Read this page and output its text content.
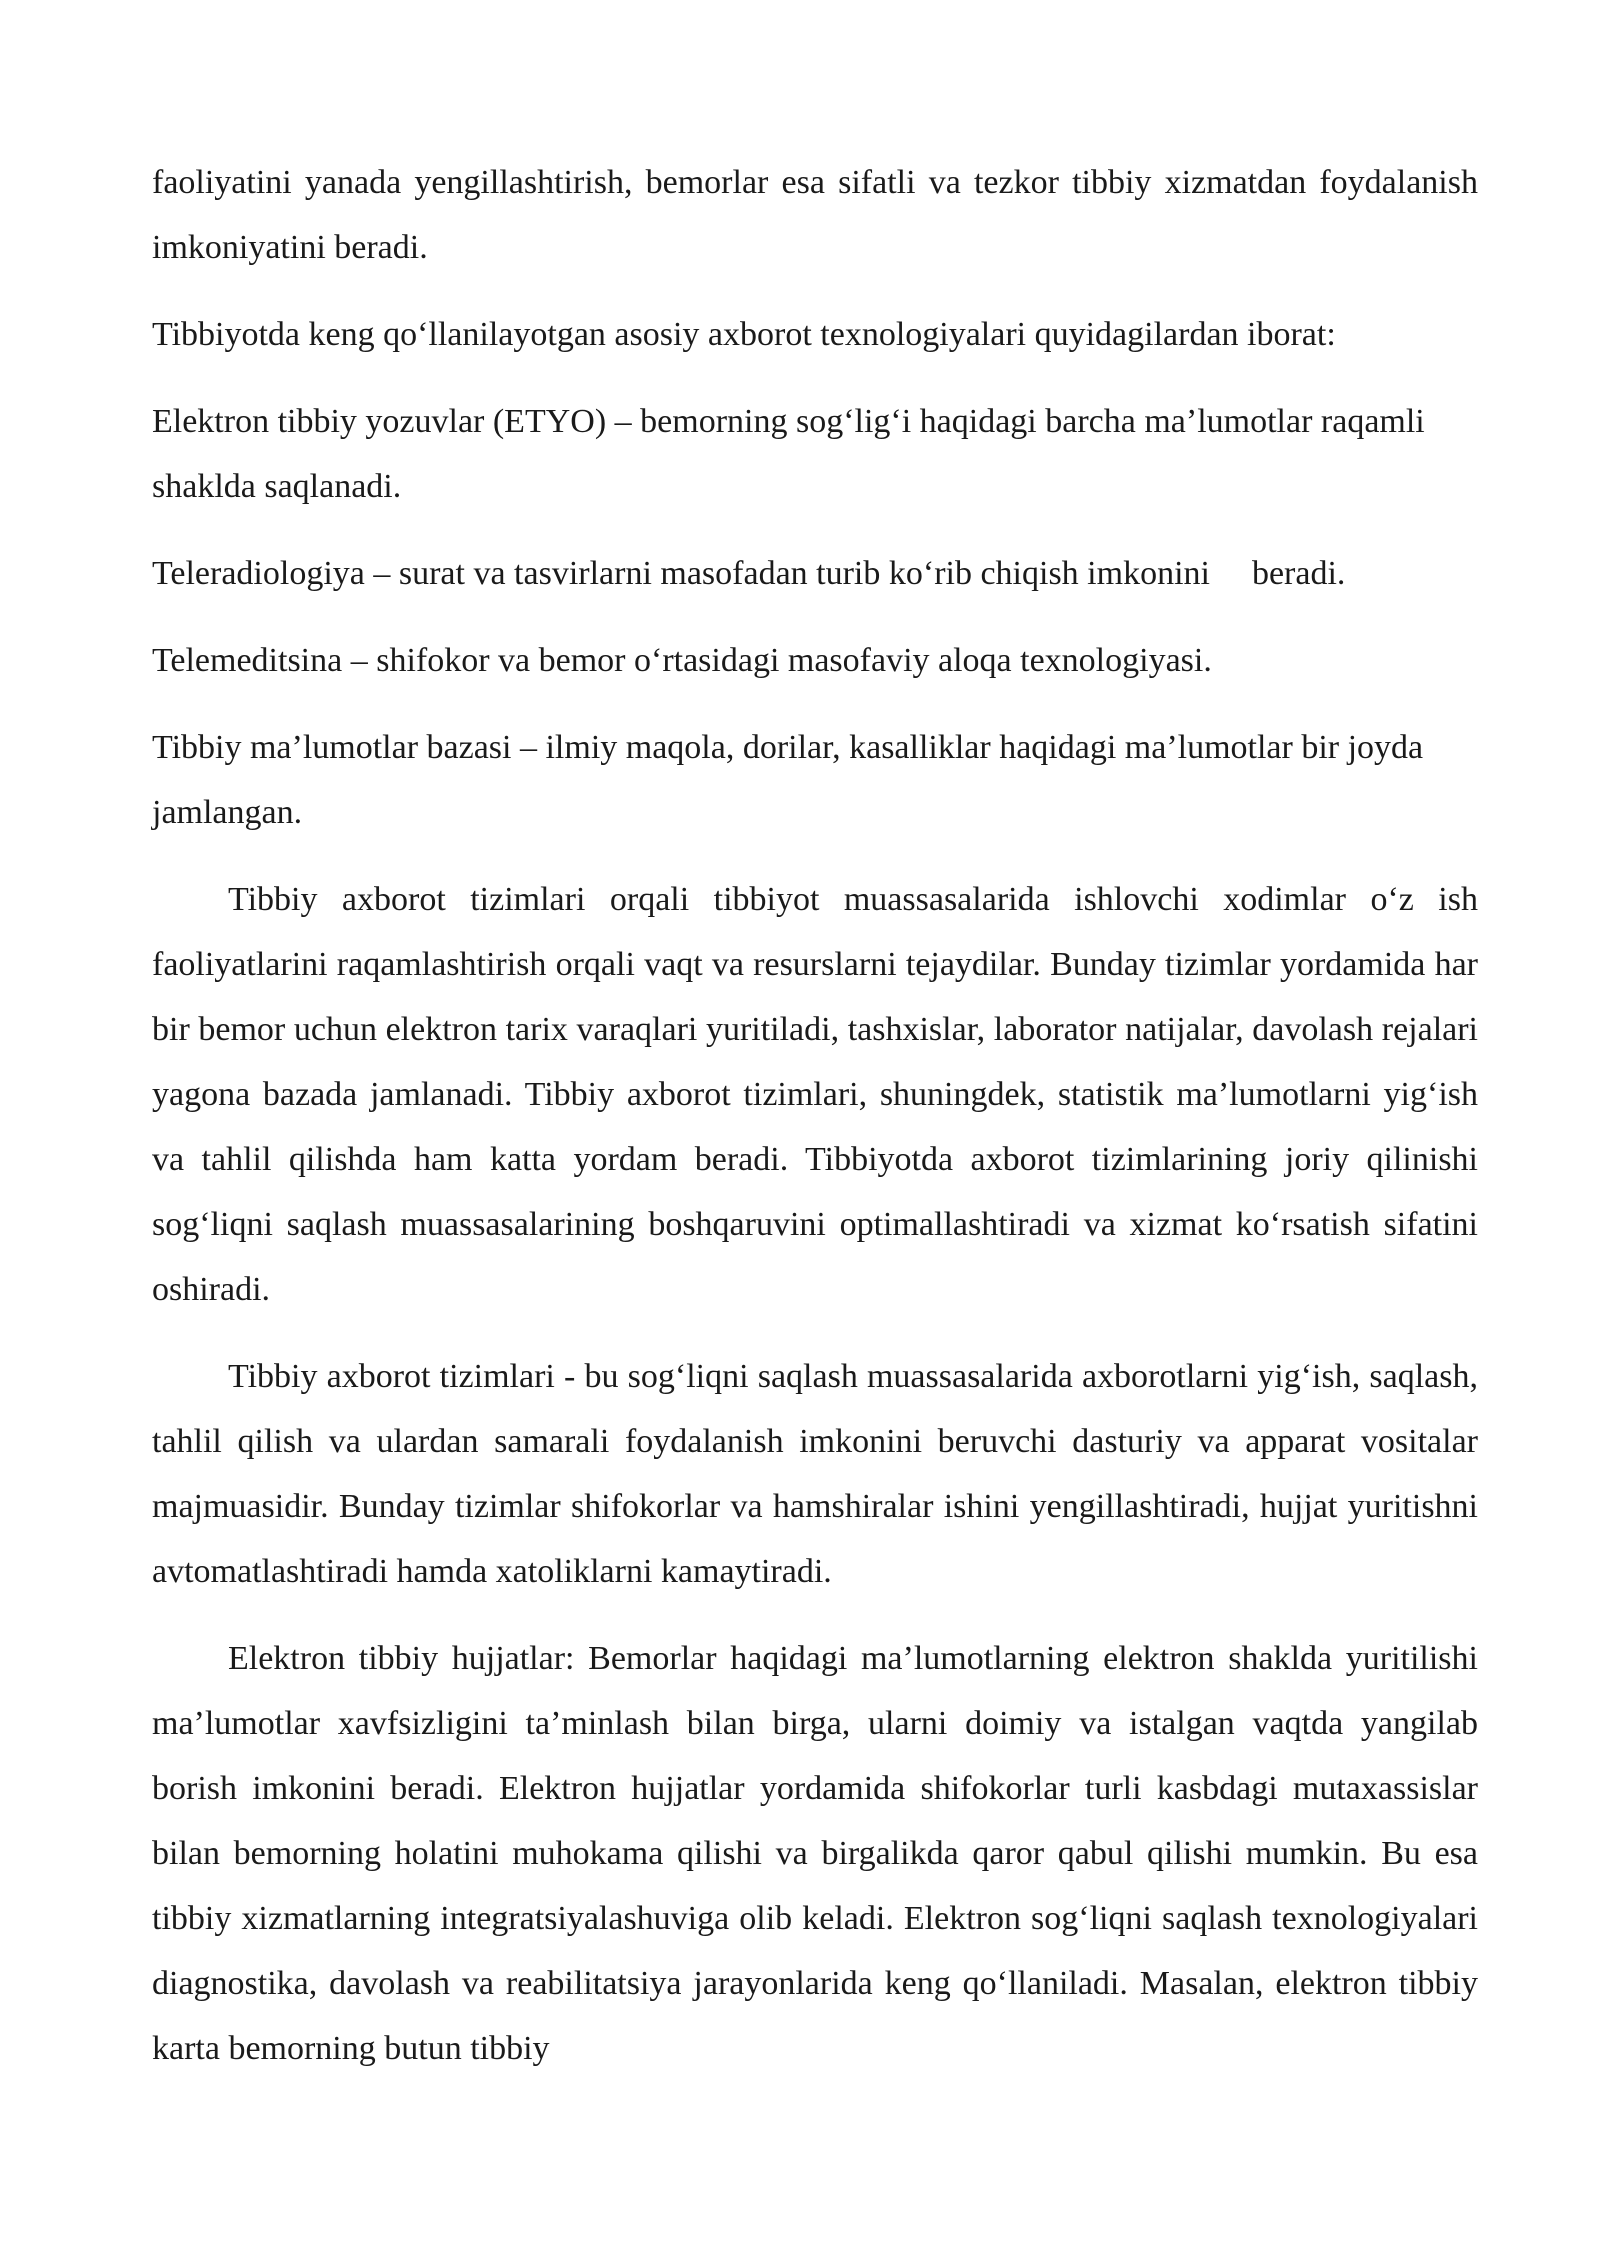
faoliyatini yanada yengillashtirish, bemorlar esa sifatli va tezkor tibbiy xizmatdan foydalanish imkoniyatini beradi.

Tibbiyotda keng qo‘llanilayotgan asosiy axborot texnologiyalari quyidagilardan iborat:

Elektron tibbiy yozuvlar (ETYO) – bemorning sog‘lig‘i haqidagi barcha ma’lumotlar raqamli shaklda saqlanadi.

Teleradiologiya – surat va tasvirlarni masofadan turib ko‘rib chiqish imkonini beradi.

Telemeditsina – shifokor va bemor o‘rtasidagi masofaviy aloqa texnologiyasi.

Tibbiy ma’lumotlar bazasi – ilmiy maqola, dorilar, kasalliklar haqidagi ma’lumotlar bir joyda jamlangan.

Tibbiy axborot tizimlari orqali tibbiyot muassasalarida ishlovchi xodimlar o‘z ish faoliyatlarini raqamlashtirish orqali vaqt va resurslarni tejaydilar. Bunday tizimlar yordamida har bir bemor uchun elektron tarix varaqlari yuritiladi, tashxislar, laborator natijalar, davolash rejalari yagona bazada jamlanadi. Tibbiy axborot tizimlari, shuningdek, statistik ma’lumotlarni yig‘ish va tahlil qilishda ham katta yordam beradi. Tibbiyotda axborot tizimlarining joriy qilinishi sog‘liqni saqlash muassasalarining boshqaruvini optimallashtiradi va xizmat ko‘rsatish sifatini oshiradi.

Tibbiy axborot tizimlari - bu sog‘liqni saqlash muassasalarida axborotlarni yig‘ish, saqlash, tahlil qilish va ulardan samarali foydalanish imkonini beruvchi dasturiy va apparat vositalar majmuasidir. Bunday tizimlar shifokorlar va hamshiralar ishini yengillashtiradi, hujjat yuritishni avtomatlashtiradi hamda xatoliklarni kamaytiradi.

Elektron tibbiy hujjatlar: Bemorlar haqidagi ma’lumotlarning elektron shaklda yuritilishi ma’lumotlar xavfsizligini ta’minlash bilan birga, ularni doimiy va istalgan vaqtda yangilab borish imkonini beradi. Elektron hujjatlar yordamida shifokorlar turli kasbdagi mutaxassislar bilan bemorning holatini muhokama qilishi va birgalikda qaror qabul qilishi mumkin. Bu esa tibbiy xizmatlarning integratsiyalashuviga olib keladi. Elektron sog‘liqni saqlash texnologiyalari diagnostika, davolash va reabilitatsiya jarayonlarida keng qo‘llaniladi. Masalan, elektron tibbiy karta bemorning butun tibbiy
